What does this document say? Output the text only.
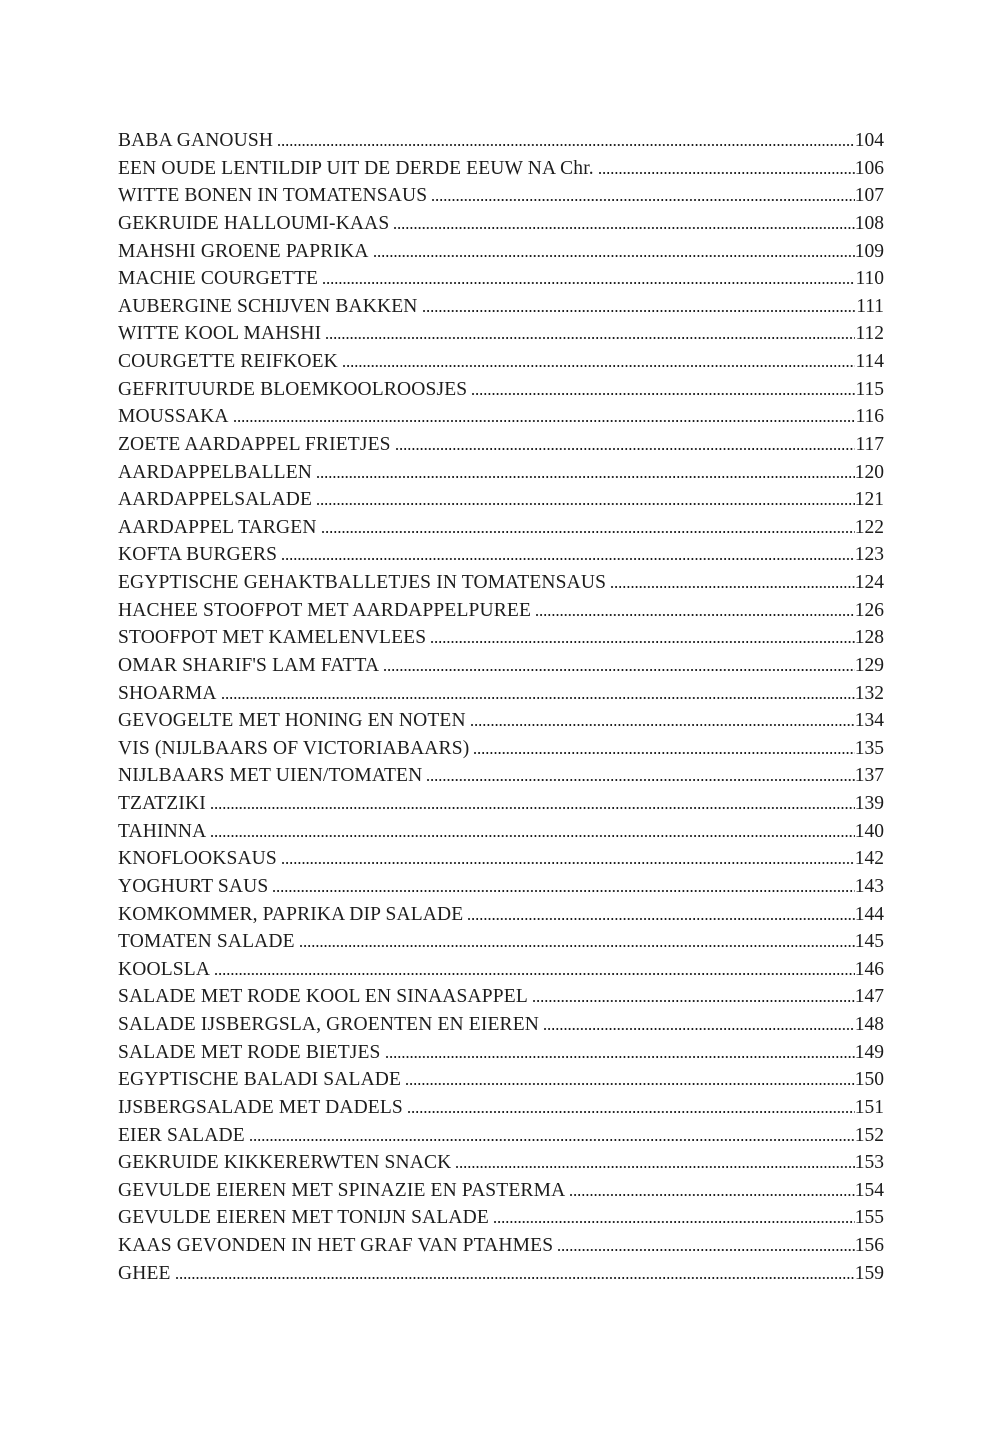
BABA GANOUSH	104
EEN OUDE LENTILDIP UIT DE DERDE EEUW NA Chr.	106
WITTE BONEN IN TOMATENSAUS	107
GEKRUIDE HALLOUMI-KAAS	108
MAHSHI GROENE PAPRIKA	109
MACHIE COURGETTE	110
AUBERGINE SCHIJVEN BAKKEN	111
WITTE KOOL MAHSHI	112
COURGETTE REIFKOEK	114
GEFRITUURDE BLOEMKOOLROOSJES	115
MOUSSAKA	116
ZOETE AARDAPPEL FRIETJES	117
AARDAPPELBALLEN	120
AARDAPPELSALADE	121
AARDAPPEL TARGEN	122
KOFTA BURGERS	123
EGYPTISCHE GEHAKTBALLETJES IN TOMATENSAUS	124
HACHEE STOOFPOT MET AARDAPPELPUREE	126
STOOFPOT MET KAMELENVLEES	128
OMAR SHARIF'S LAM FATTA	129
SHOARMA	132
GEVOGELTE MET HONING EN NOTEN	134
VIS (NIJLBAARS OF VICTORIABAARS)	135
NIJLBAARS MET UIEN/TOMATEN	137
TZATZIKI	139
TAHINNA	140
KNOFLOOKSAUS	142
YOGHURT SAUS	143
KOMKOMMER, PAPRIKA DIP SALADE	144
TOMATEN SALADE	145
KOOLSLA	146
SALADE MET RODE KOOL EN SINAASAPPEL	147
SALADE IJSBERGSLA, GROENTEN EN EIEREN	148
SALADE MET RODE BIETJES	149
EGYPTISCHE BALADI SALADE	150
IJSBERGSALADE MET DADELS	151
EIER SALADE	152
GEKRUIDE KIKKERERWTEN SNACK	153
GEVULDE EIEREN MET SPINAZIE EN PASTERMA	154
GEVULDE EIEREN MET TONIJN SALADE	155
KAAS GEVONDEN IN HET GRAF VAN PTAHMES	156
GHEE	159
